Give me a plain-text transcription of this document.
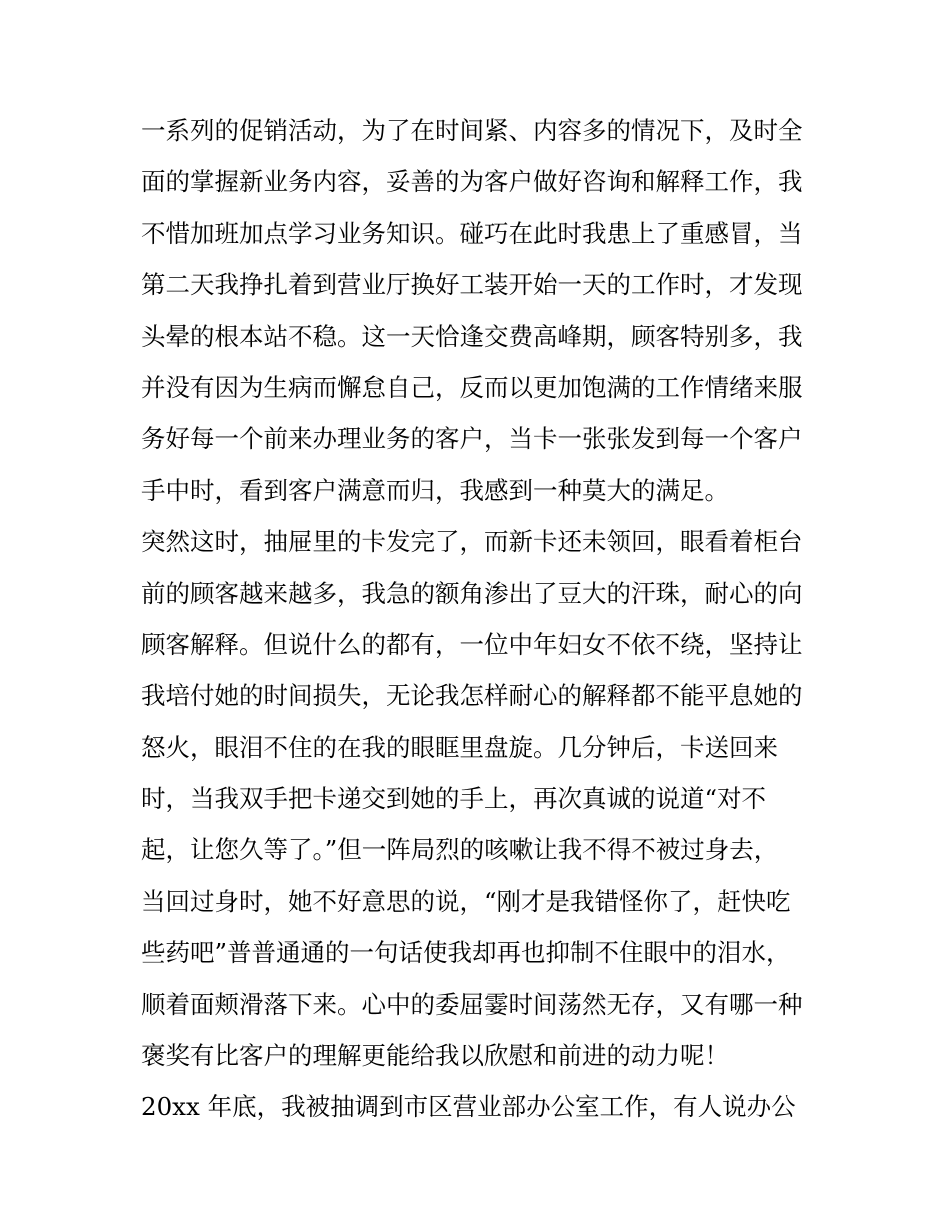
一系列的促销活动，为了在时间紧、内容多的情况下，及时全
面的掌握新业务内容，妥善的为客户做好咨询和解释工作，我
不惜加班加点学习业务知识。碰巧在此时我患上了重感冒，当
第二天我挣扎着到营业厅换好工装开始一天的工作时，才发现
头晕的根本站不稳。这一天恰逢交费高峰期，顾客特别多，我
并没有因为生病而懈怠自己，反而以更加饱满的工作情绪来服
务好每一个前来办理业务的客户，当卡一张张发到每一个客户
手中时，看到客户满意而归，我感到一种莫大的满足。
突然这时，抽屉里的卡发完了，而新卡还未领回，眼看着柜台
前的顾客越来越多，我急的额角渗出了豆大的汗珠，耐心的向
顾客解释。但说什么的都有，一位中年妇女不依不绕，坚持让
我培付她的时间损失，无论我怎样耐心的解释都不能平息她的
怒火，眼泪不住的在我的眼眶里盘旋。几分钟后，卡送回来
时，当我双手把卡递交到她的手上，再次真诚的说道“对不
起，让您久等了。”但一阵局烈的咳嗽让我不得不被过身去，
当回过身时，她不好意思的说，“刚才是我错怪你了，赶快吃
些药吧”普普通通的一句话使我却再也抑制不住眼中的泪水，
顺着面颊滑落下来。心中的委屈霎时间荡然无存，又有哪一种
褒奖有比客户的理解更能给我以欣慰和前进的动力呢！
20xx 年底，我被抽调到市区营业部办公室工作，有人说办公
